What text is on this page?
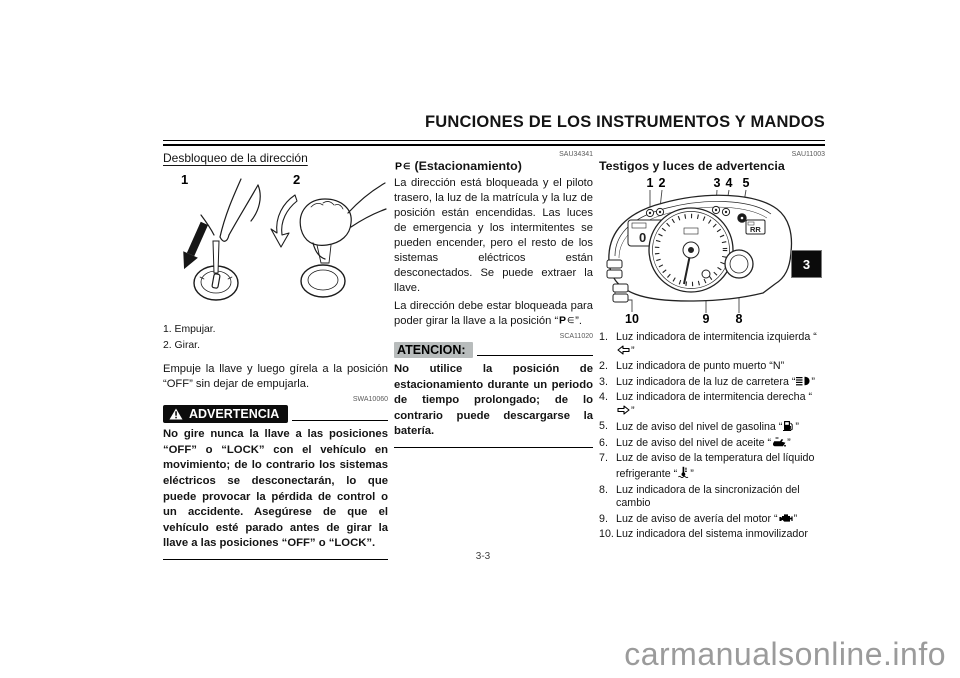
FUNCIONES DE LOS INSTRUMENTOS Y MANDOS
Desbloqueo de la dirección
1	2
1. Empujar.
2. Girar.

Empuje la llave y luego gírela a la posición “OFF” sin dejar de empujarla.

SWA10060
ADVERTENCIA

No gire nunca la llave a las posiciones “OFF” o “LOCK” con el vehículo en movimiento; de lo contrario los sistemas eléctricos se desconectarán, lo que puede provocar la pérdida de control o un accidente. Asegúrese de que el vehículo esté parado antes de girar la llave a las posiciones “OFF” o “LOCK”.

SAU34341
P ∈ (Estacionamiento)

La dirección está bloqueada y el piloto trasero, la luz de la matrícula y la luz de posición están encendidas. Las luces de emergencia y los intermitentes se pueden encender, pero el resto de los sistemas eléctricos están desconectados. Se puede extraer la llave.

La dirección debe estar bloqueada para poder girar la llave a la posición “ P ∈ ”.

SCA11020
ATENCION:

No utilice la posición de estacionamiento durante un periodo de tiempo prolongado; de lo contrario puede descargarse la batería.

SAU11003
Testigos y luces de advertencia
1 2	3 4 5
8
9
10
0
RR
1. Luz indicadora de intermitencia izquierda “”
2. Luz indicadora de punto muerto “N”
3. Luz indicadora de la luz de carretera “ ”
4. Luz indicadora de intermitencia derecha “”
5. Luz de aviso del nivel de gasolina “ ”
6. Luz de aviso del nivel de aceite “ ”
7. Luz de aviso de la temperatura del líquido refrigerante “ ”
8. Luz indicadora de la sincronización del cambio
9. Luz de aviso de avería del motor “ ”
10. Luz indicadora del sistema inmovilizador
3
3-3
carmanualsonline.info
